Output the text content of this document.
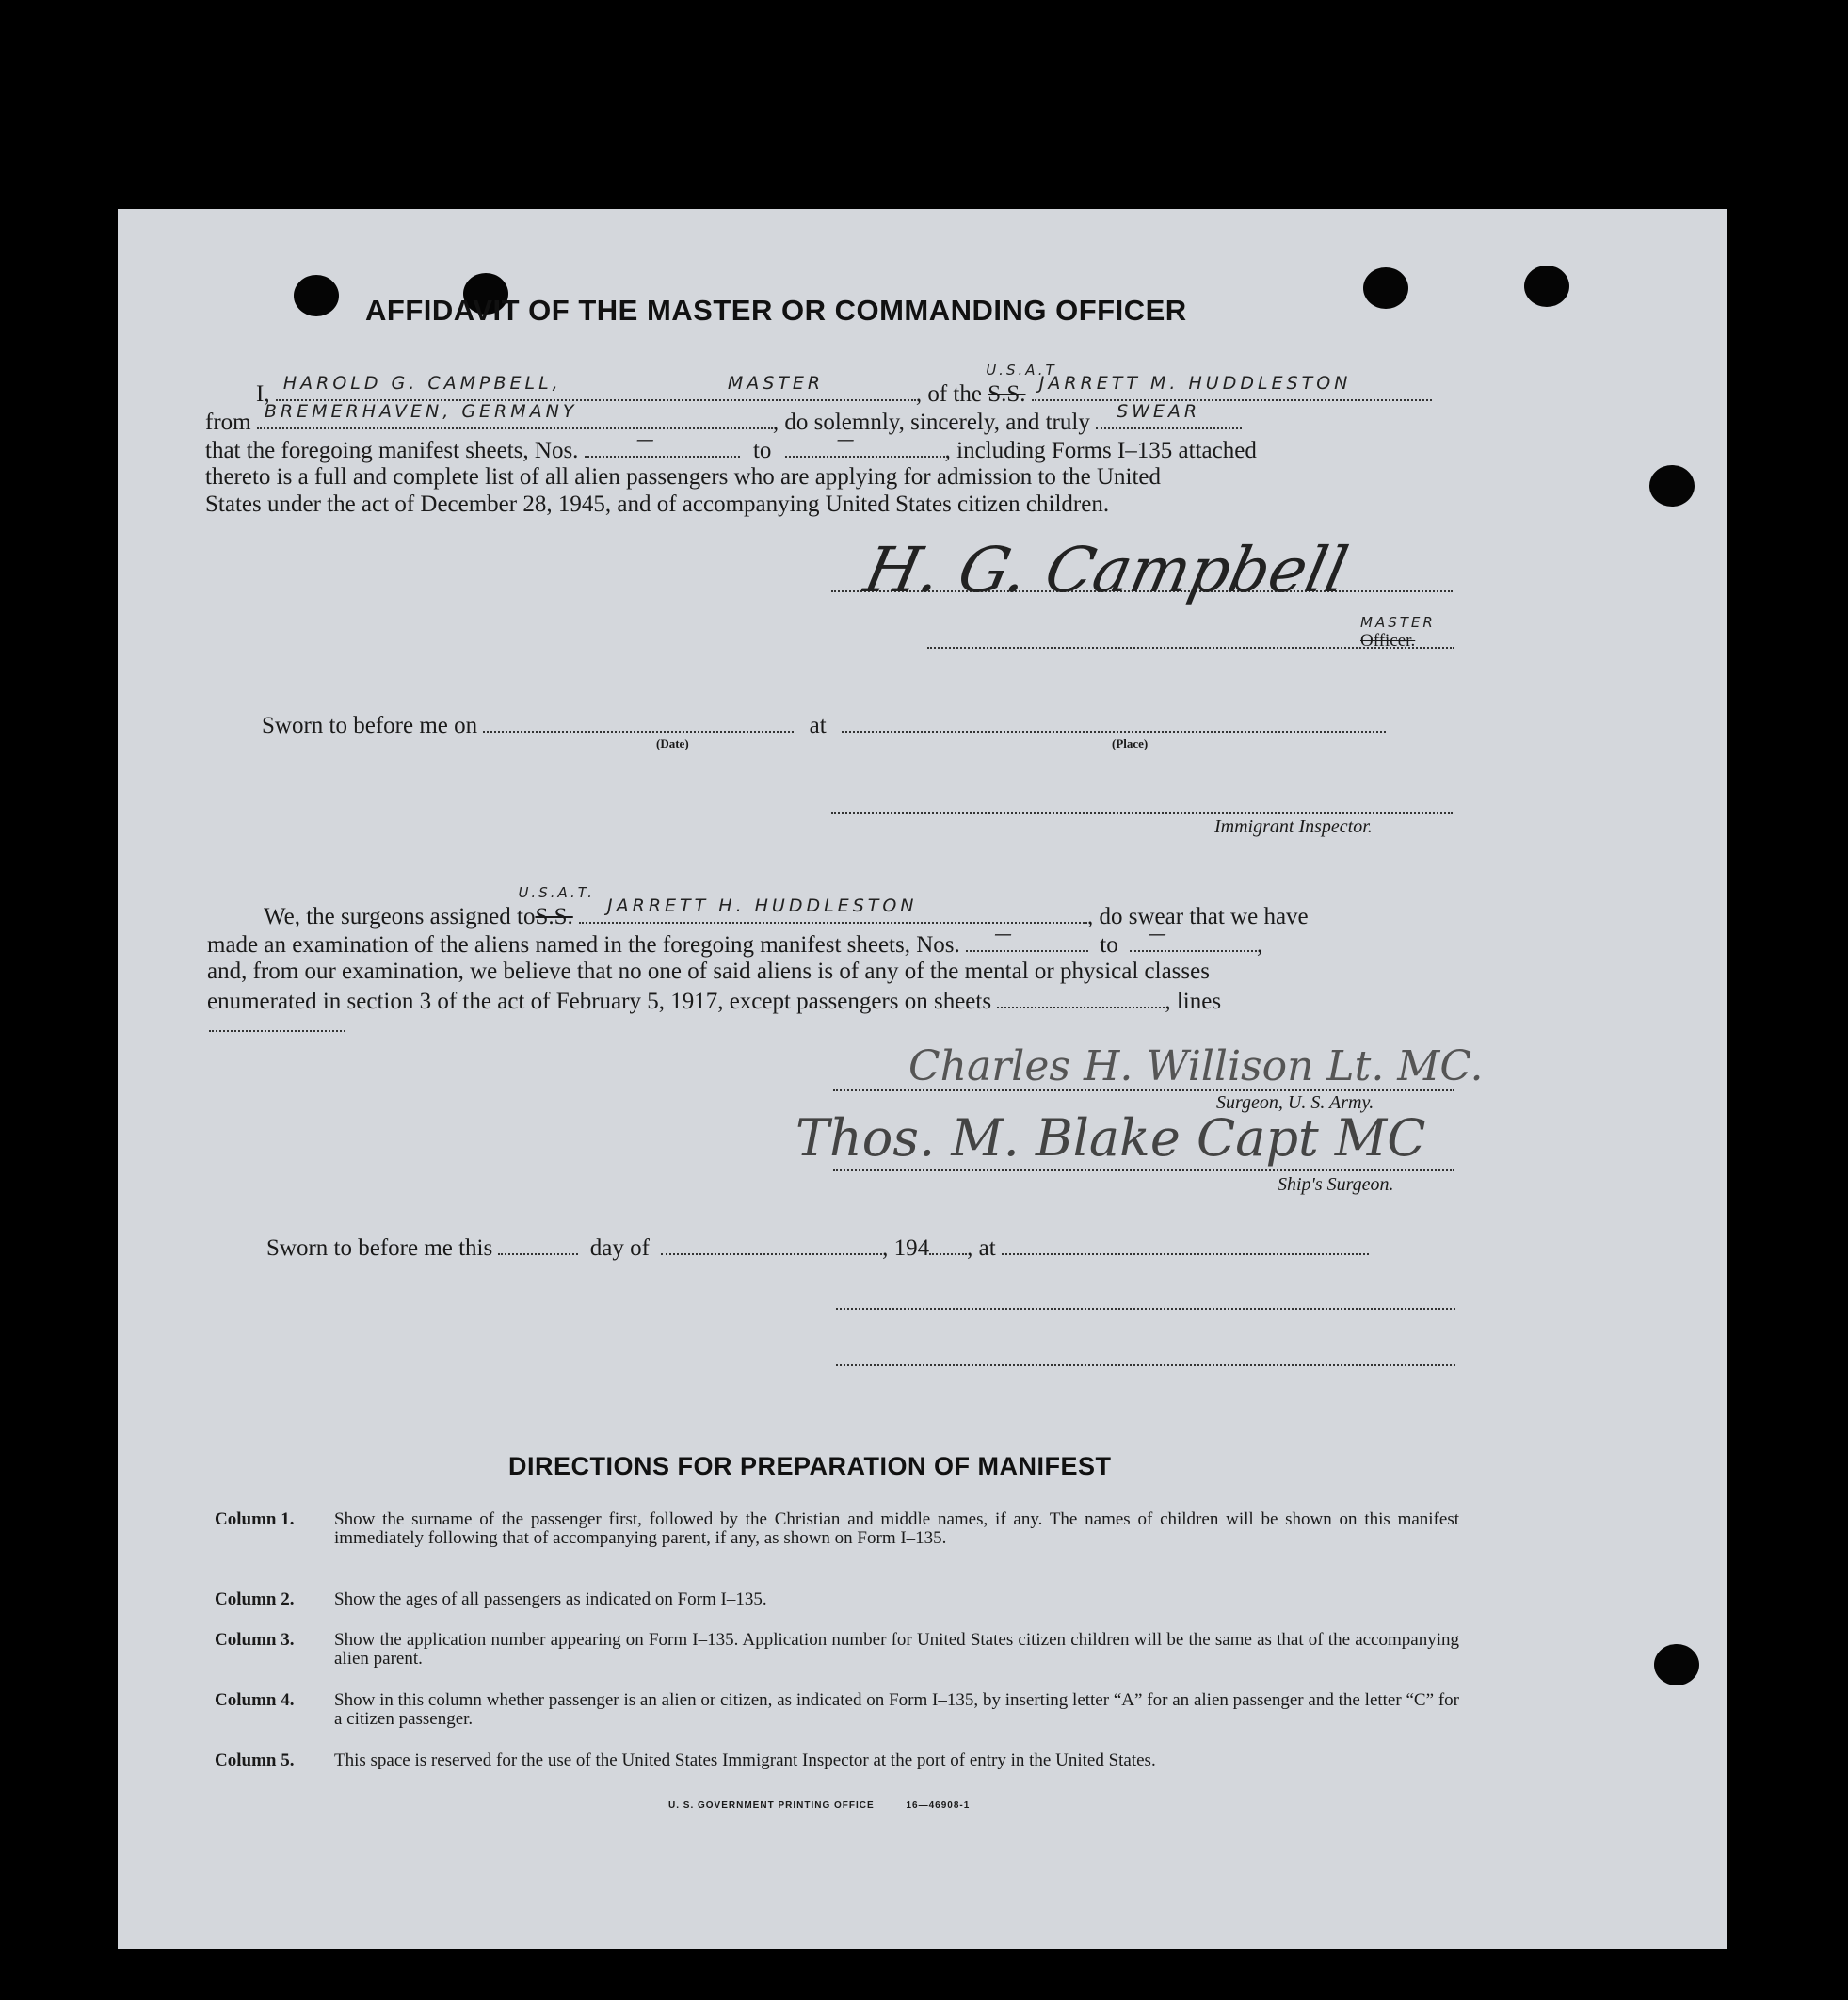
AFFIDAVIT OF THE MASTER OR COMMANDING OFFICER
I, HAROLD G. CAMPBELL,	MASTER	, of the S.S.
U.S.A.T

JARRETT M. HUDDLESTON
from BREMERHAVEN, GERMANY	, do solemnly, sincerely, and truly SWEAR
that the foregoing manifest sheets, Nos.	—	to	—	, including Forms I–135 attached
thereto is a full and complete list of all alien passengers who are applying for admission to the United
States under the act of December 28, 1945, and of accompanying United States citizen children.
H. G. Campbell
MASTER
Officer.
Sworn to before me on	at
(Date)	(Place)
Immigrant Inspector.
We, the surgeons assigned toS.S.
U.S.A.T.

JARRETT H. HUDDLESTON	, do swear that we have
made an examination of the aliens named in the foregoing manifest sheets, Nos. —	to —	,
and, from our examination, we believe that no one of said aliens is of any of the mental or physical classes
enumerated in section 3 of the act of February 5, 1917, except passengers on sheets	, lines
Charles H. Willison Lt. MC.
Surgeon, U. S. Army.
Thos. M. Blake Capt MC
Ship's Surgeon.
Sworn to before me this	day of	, 194 , at
DIRECTIONS FOR PREPARATION OF MANIFEST
Column 1. Show the surname of the passenger first, followed by the Christian and middle names, if any. The names of children will be shown on this manifest immediately following that of accompanying parent, if any, as shown on Form I–135.
Column 2. Show the ages of all passengers as indicated on Form I–135.
Column 3. Show the application number appearing on Form I–135. Application number for United States citizen children will be the same as that of the accompanying alien parent.
Column 4. Show in this column whether passenger is an alien or citizen, as indicated on Form I–135, by inserting letter “A” for an alien passenger and the letter “C” for a citizen passenger.
Column 5. This space is reserved for the use of the United States Immigrant Inspector at the port of entry in the United States.
U. S. GOVERNMENT PRINTING OFFICE	16—46908-1
